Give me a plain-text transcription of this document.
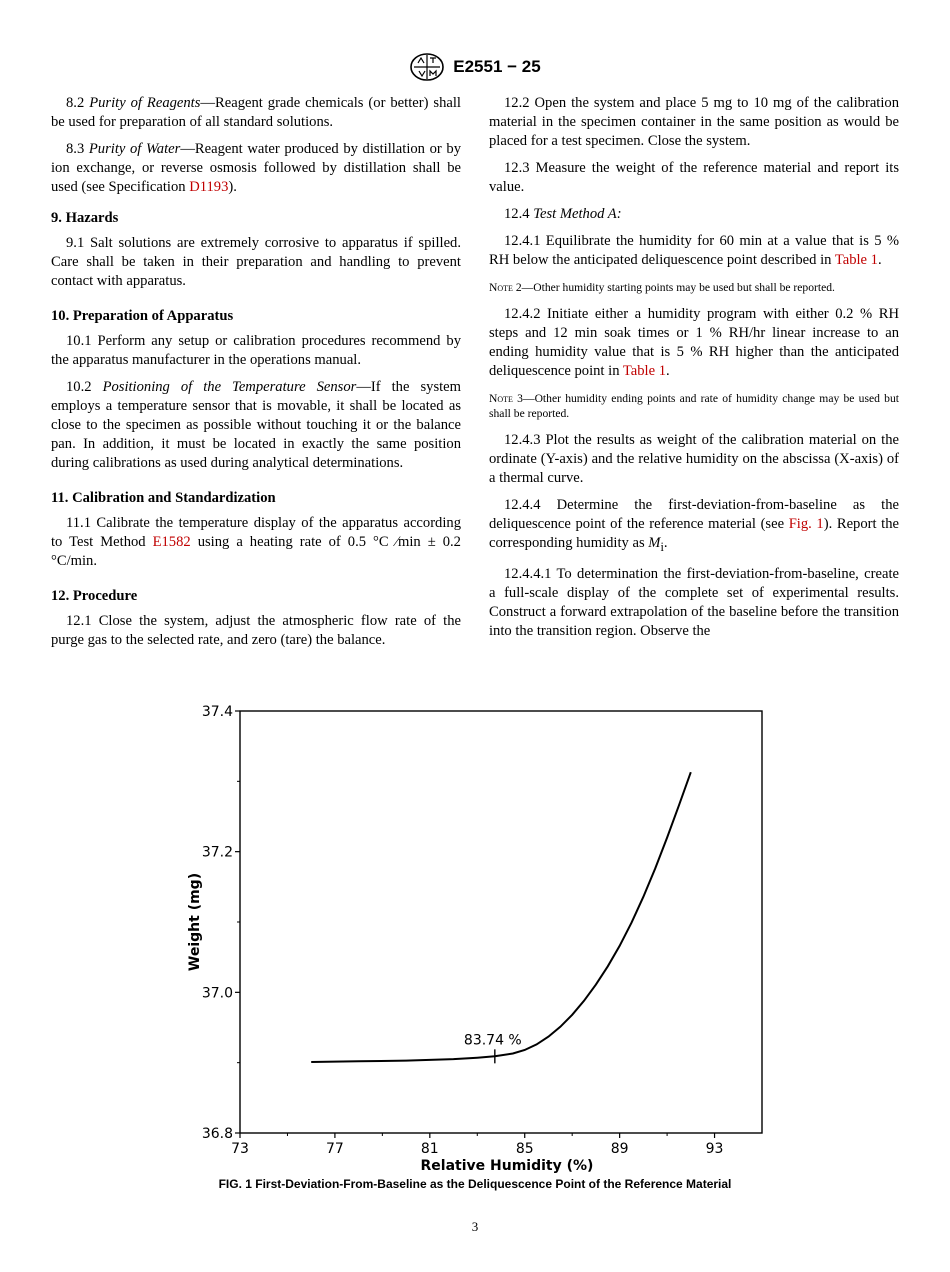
E2551 − 25

8.2 Purity of Reagents—Reagent grade chemicals (or better) shall be used for preparation of all standard solutions.

8.3 Purity of Water—Reagent water produced by distillation or by ion exchange, or reverse osmosis followed by distillation shall be used (see Specification D1193).

9. Hazards

9.1 Salt solutions are extremely corrosive to apparatus if spilled. Care shall be taken in their preparation and handling to prevent contact with apparatus.

10. Preparation of Apparatus

10.1 Perform any setup or calibration procedures recommend by the apparatus manufacturer in the operations manual.

10.2 Positioning of the Temperature Sensor—If the system employs a temperature sensor that is movable, it shall be located as close to the specimen as possible without touching it or the balance pan. In addition, it must be located in exactly the same position during calibrations as used during analytical determinations.

11. Calibration and Standardization

11.1 Calibrate the temperature display of the apparatus according to Test Method E1582 using a heating rate of 0.5 °C ⁄min ± 0.2 °C/min.

12. Procedure

12.1 Close the system, adjust the atmospheric flow rate of the purge gas to the selected rate, and zero (tare) the balance.

12.2 Open the system and place 5 mg to 10 mg of the calibration material in the specimen container in the same position as would be placed for a test specimen. Close the system.

12.3 Measure the weight of the reference material and report its value.

12.4 Test Method A:

12.4.1 Equilibrate the humidity for 60 min at a value that is 5 % RH below the anticipated deliquescence point described in Table 1.

Note 2—Other humidity starting points may be used but shall be reported.

12.4.2 Initiate either a humidity program with either 0.2 % RH steps and 12 min soak times or 1 % RH/hr linear increase to an ending humidity value that is 5 % RH higher than the anticipated deliquescence point in Table 1.

Note 3—Other humidity ending points and rate of humidity change may be used but shall be reported.

12.4.3 Plot the results as weight of the calibration material on the ordinate (Y-axis) and the relative humidity on the abscissa (X-axis) of a thermal curve.

12.4.4 Determine the first-deviation-from-baseline as the deliquescence point of the reference material (see Fig. 1). Report the corresponding humidity as $M_i$.

12.4.4.1 To determination the first-deviation-from-baseline, create a full-scale display of the complete set of experimental results. Construct a forward extrapolation of the baseline before the transition into the transition region. Observe the

36.8
37.0
37.2
37.4
73	77	81	85	89	93
83.74 %
Relative Humidity (%)
Weight (mg)
FIG. 1 First-Deviation-From-Baseline as the Deliquescence Point of the Reference Material
3
